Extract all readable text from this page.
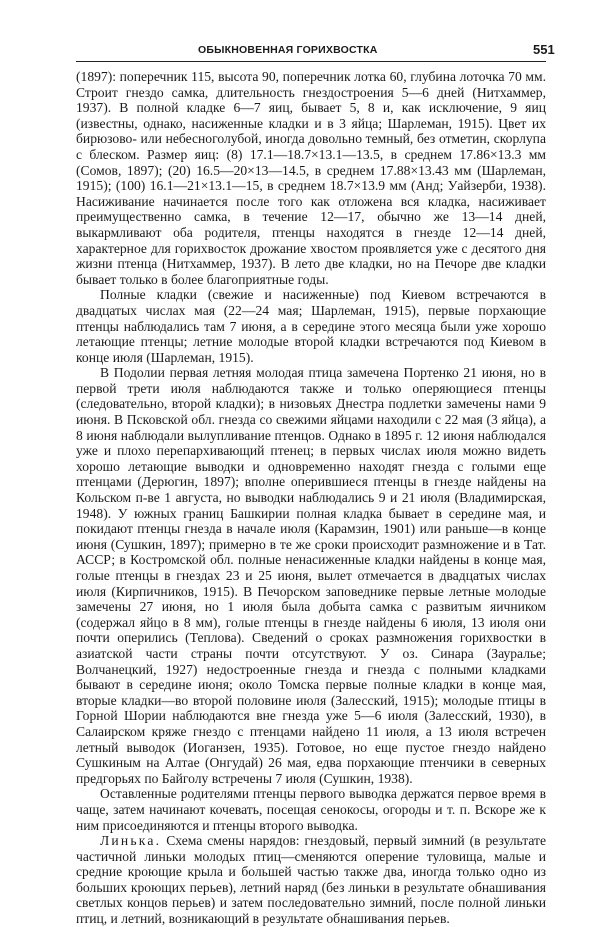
ОБЫКНОВЕННАЯ ГОРИХВОСТКА	551

(1897): поперечник 115, высота 90, поперечник лотка 60, глубина лоточка 70 мм. Строит гнездо самка, длительность гнездостроения 5—6 дней (Нитхаммер, 1937). В полной кладке 6—7 яиц, бывает 5, 8 и, как исключение, 9 яиц (известны, однако, насиженные кладки и в 3 яйца; Шарлеман, 1915). Цвет их бирюзово- или небесноголубой, иногда довольно темный, без отметин, скорлупа с блеском. Размер яиц: (8) 17.1—18.7×13.1—13.5, в среднем 17.86×13.3 мм (Сомов, 1897); (20) 16.5—20×13—14.5, в среднем 17.88×13.43 мм (Шарлеман, 1915); (100) 16.1—21×13.1—15, в среднем 18.7×13.9 мм (Анд; Уайзерби, 1938). Насиживание начинается после того как отложена вся кладка, насиживает преимущественно самка, в течение 12—17, обычно же 13—14 дней, выкармливают оба родителя, птенцы находятся в гнезде 12—14 дней, характерное для горихвосток дрожание хвостом проявляется уже с десятого дня жизни птенца (Нитхаммер, 1937). В лето две кладки, но на Печоре две кладки бывает только в более благоприятные годы.

Полные кладки (свежие и насиженные) под Киевом встречаются в двадцатых числах мая (22—24 мая; Шарлеман, 1915), первые порхающие птенцы наблюдались там 7 июня, а в середине этого месяца были уже хорошо летающие птенцы; летние молодые второй кладки встречаются под Киевом в конце июля (Шарлеман, 1915).

В Подолии первая летняя молодая птица замечена Портенко 21 июня, но в первой трети июля наблюдаются также и только оперяющиеся птенцы (следовательно, второй кладки); в низовьях Днестра подлетки замечены нами 9 июня. В Псковской обл. гнезда со свежими яйцами находили с 22 мая (3 яйца), а 8 июня наблюдали вылупливание птенцов. Однако в 1895 г. 12 июня наблюдался уже и плохо перепархивающий птенец; в первых числах июля можно видеть хорошо летающие выводки и одновременно находят гнезда с голыми еще птенцами (Дерюгин, 1897); вполне оперившиеся птенцы в гнезде найдены на Кольском п-ве 1 августа, но выводки наблюдались 9 и 21 июля (Владимирская, 1948). У южных границ Башкирии полная кладка бывает в середине мая, и покидают птенцы гнезда в начале июля (Карамзин, 1901) или раньше—в конце июня (Сушкин, 1897); примерно в те же сроки происходит размножение и в Тат. АССР; в Костромской обл. полные ненасиженные кладки найдены в конце мая, голые птенцы в гнездах 23 и 25 июня, вылет отмечается в двадцатых числах июля (Кирпичников, 1915). В Печорском заповеднике первые летные молодые замечены 27 июня, но 1 июля была добыта самка с развитым яичником (содержал яйцо в 8 мм), голые птенцы в гнезде найдены 6 июля, 13 июля они почти оперились (Теплова). Сведений о сроках размножения горихвостки в азиатской части страны почти отсутствуют. У оз. Синара (Зауралье; Волчанецкий, 1927) недостроенные гнезда и гнезда с полными кладками бывают в середине июня; около Томска первые полные кладки в конце мая, вторые кладки—во второй половине июля (Залесский, 1915); молодые птицы в Горной Шории наблюдаются вне гнезда уже 5—6 июля (Залесский, 1930), в Салаирском кряже гнездо с птенцами найдено 11 июля, а 13 июля встречен летный выводок (Иоганзен, 1935). Готовое, но еще пустое гнездо найдено Сушкиным на Алтае (Онгудай) 26 мая, едва порхающие птенчики в северных предгорьях по Байголу встречены 7 июля (Сушкин, 1938).

Оставленные родителями птенцы первого выводка держатся первое время в чаще, затем начинают кочевать, посещая сенокосы, огороды и т. п. Вскоре же к ним присоединяются и птенцы второго выводка.

Линька. Схема смены нарядов: гнездовый, первый зимний (в результате частичной линьки молодых птиц—сменяются оперение туловища, малые и средние кроющие крыла и большей частью также два, иногда только одно из больших кроющих перьев), летний наряд (без линьки в результате обнашивания светлых концов перьев) и затем последовательно зимний, после полной линьки птиц, и летний, возникающий в результате обнашивания перьев.
